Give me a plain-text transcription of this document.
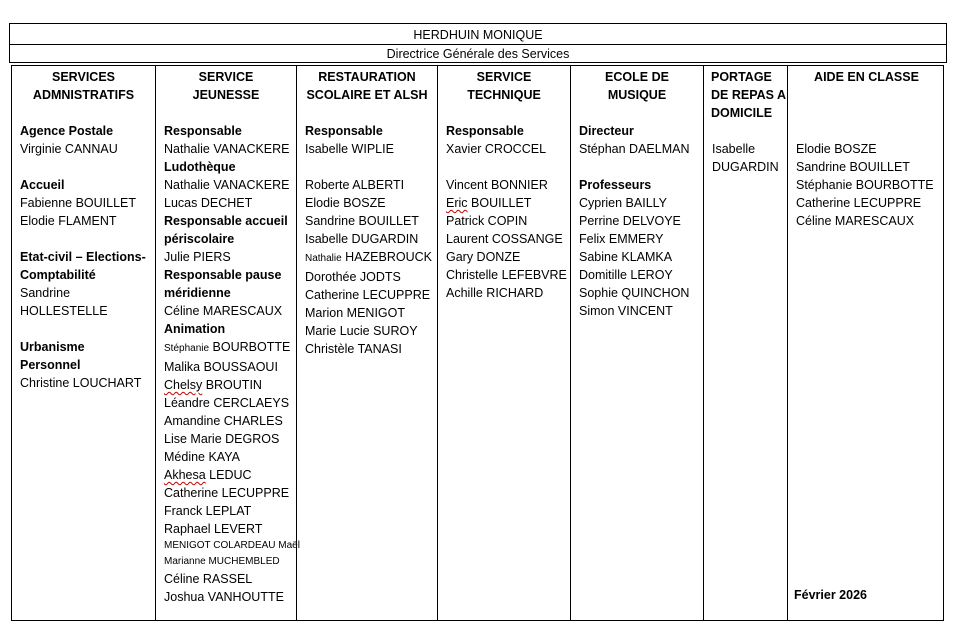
HERDHUIN MONIQUE
Directrice Générale des Services
SERVICES
ADMNISTRATIFS
Agence Postale
Virginie CANNAU
Accueil
Fabienne BOUILLET
Elodie FLAMENT
Etat-civil – Elections-
Comptabilité
Sandrine
HOLLESTELLE
Urbanisme
Personnel
Christine LOUCHART
SERVICE
JEUNESSE
Responsable
Nathalie VANACKERE
Ludothèque
Nathalie VANACKERE
Lucas DECHET
Responsable accueil
périscolaire
Julie PIERS
Responsable pause
méridienne
Céline MARESCAUX
Animation
Stéphanie BOURBOTTE
Malika BOUSSAOUI
Chelsy BROUTIN
Léandre CERCLAEYS
Amandine CHARLES
Lise Marie DEGROS
Médine KAYA
Akhesa LEDUC
Catherine LECUPPRE
Franck LEPLAT
Raphael LEVERT
MENIGOT COLARDEAU Maël
Marianne MUCHEMBLED
Céline RASSEL
Joshua VANHOUTTE
RESTAURATION
SCOLAIRE ET ALSH
Responsable
Isabelle WIPLIE
Roberte ALBERTI
Elodie BOSZE
Sandrine BOUILLET
Isabelle DUGARDIN
Nathalie HAZEBROUCK
Dorothée JODTS
Catherine LECUPPRE
Marion MENIGOT
Marie Lucie SUROY
Christèle TANASI
SERVICE
TECHNIQUE
Responsable
Xavier CROCCEL
Vincent BONNIER
Eric BOUILLET
Patrick COPIN
Laurent COSSANGE
Gary DONZE
Christelle LEFEBVRE
Achille RICHARD
ECOLE DE
MUSIQUE
Directeur
Stéphan DAELMAN
Professeurs
Cyprien BAILLY
Perrine DELVOYE
Felix EMMERY
Sabine KLAMKA
Domitille LEROY
Sophie QUINCHON
Simon VINCENT
PORTAGE
DE REPAS A
DOMICILE
Isabelle
DUGARDIN
AIDE EN CLASSE
Elodie BOSZE
Sandrine BOUILLET
Stéphanie BOURBOTTE
Catherine LECUPPRE
Céline MARESCAUX
Février 2026
